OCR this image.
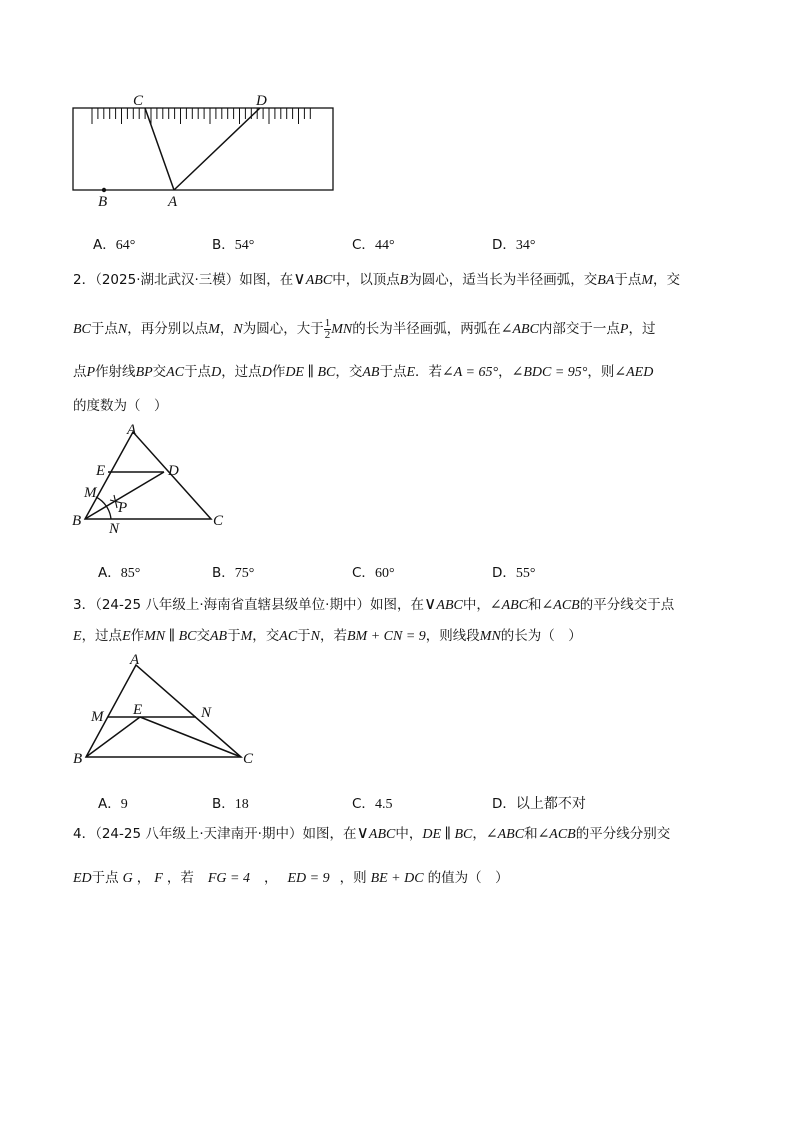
C	D
B	A
A．64°	B．54°	C．44°	D．34°
2．（2025·湖北武汉·三模）如图，在∨ABC中，以顶点B为圆心，适当长为半径画弧，交BA于点M，交
BC于点N，再分别以点M，N为圆心，大于 $\frac{1}{2}$ MN的长为半径画弧，两弧在∠ABC内部交于一点P，过
点P作射线BP交AC于点D，过点D作DE ∥ BC，交AB于点E．若∠A = 65°，∠BDC = 95°，则∠AED
的度数为（　）
A
E	D
M
P
B N	C
A．85°	B．75°	C．60°	D．55°
3．（24-25 八年级上·海南省直辖县级单位·期中）如图，在∨ABC中，∠ABC和∠ACB的平分线交于点
E，过点E作MN ∥ BC交AB于M，交AC于N，若BM + CN = 9，则线段MN的长为（　）
A
M E	N
B	C
A．9	B．18	C．4.5	D．以上都不对
4．（24-25 八年级上·天津南开·期中）如图，在∨ABC中，DE ∥ BC，∠ABC和∠ACB的平分线分别交
ED于点 G ， F ，若 FG = 4 ， ED = 9 ，则 BE + DC 的值为（　）
